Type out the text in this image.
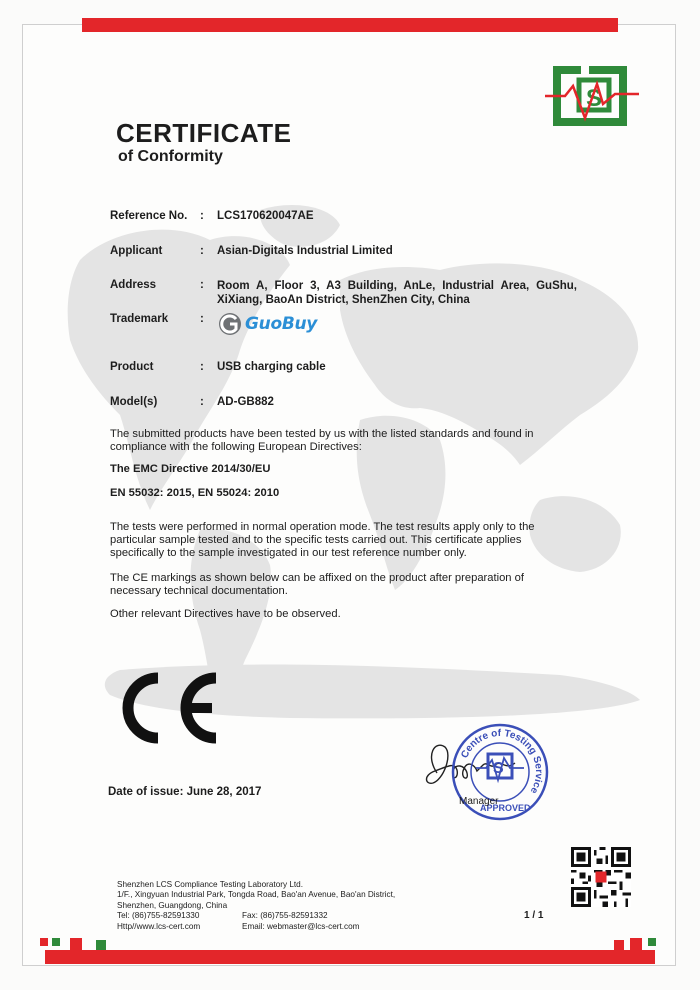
S
CERTIFICATE
of Conformity
Reference No. : LCS170620047AE
Applicant	: Asian-Digitals Industrial Limited
Address	: Room A, Floor 3, A3 Building, AnLe, Industrial Area, GuShu, XiXiang, BaoAn District, ShenZhen City, China
Trademark	: GuoBuy
Product	: USB charging cable
Model(s)	: AD-GB882
The submitted products have been tested by us with the listed standards and found in compliance with the following European Directives:
The EMC Directive 2014/30/EU
EN 55032: 2015, EN 55024: 2010
The tests were performed in normal operation mode. The test results apply only to the particular sample tested and to the specific tests carried out. This certificate applies specifically to the sample investigated in our test reference number only.
The CE markings as shown below can be affixed on the product after preparation of necessary technical documentation.
Other relevant Directives have to be observed.
Date of issue: June 28, 2017
Centre of Testing Service
S
APPROVED
Manager
Shenzhen LCS Compliance Testing Laboratory Ltd.
1/F., Xingyuan Industrial Park, Tongda Road, Bao'an Avenue, Bao'an District,
Shenzhen, Guangdong, China
Tel: (86)755-82591330	Fax: (86)755-82591332
Http//www.lcs-cert.com	Email: webmaster@lcs-cert.com
1 / 1
